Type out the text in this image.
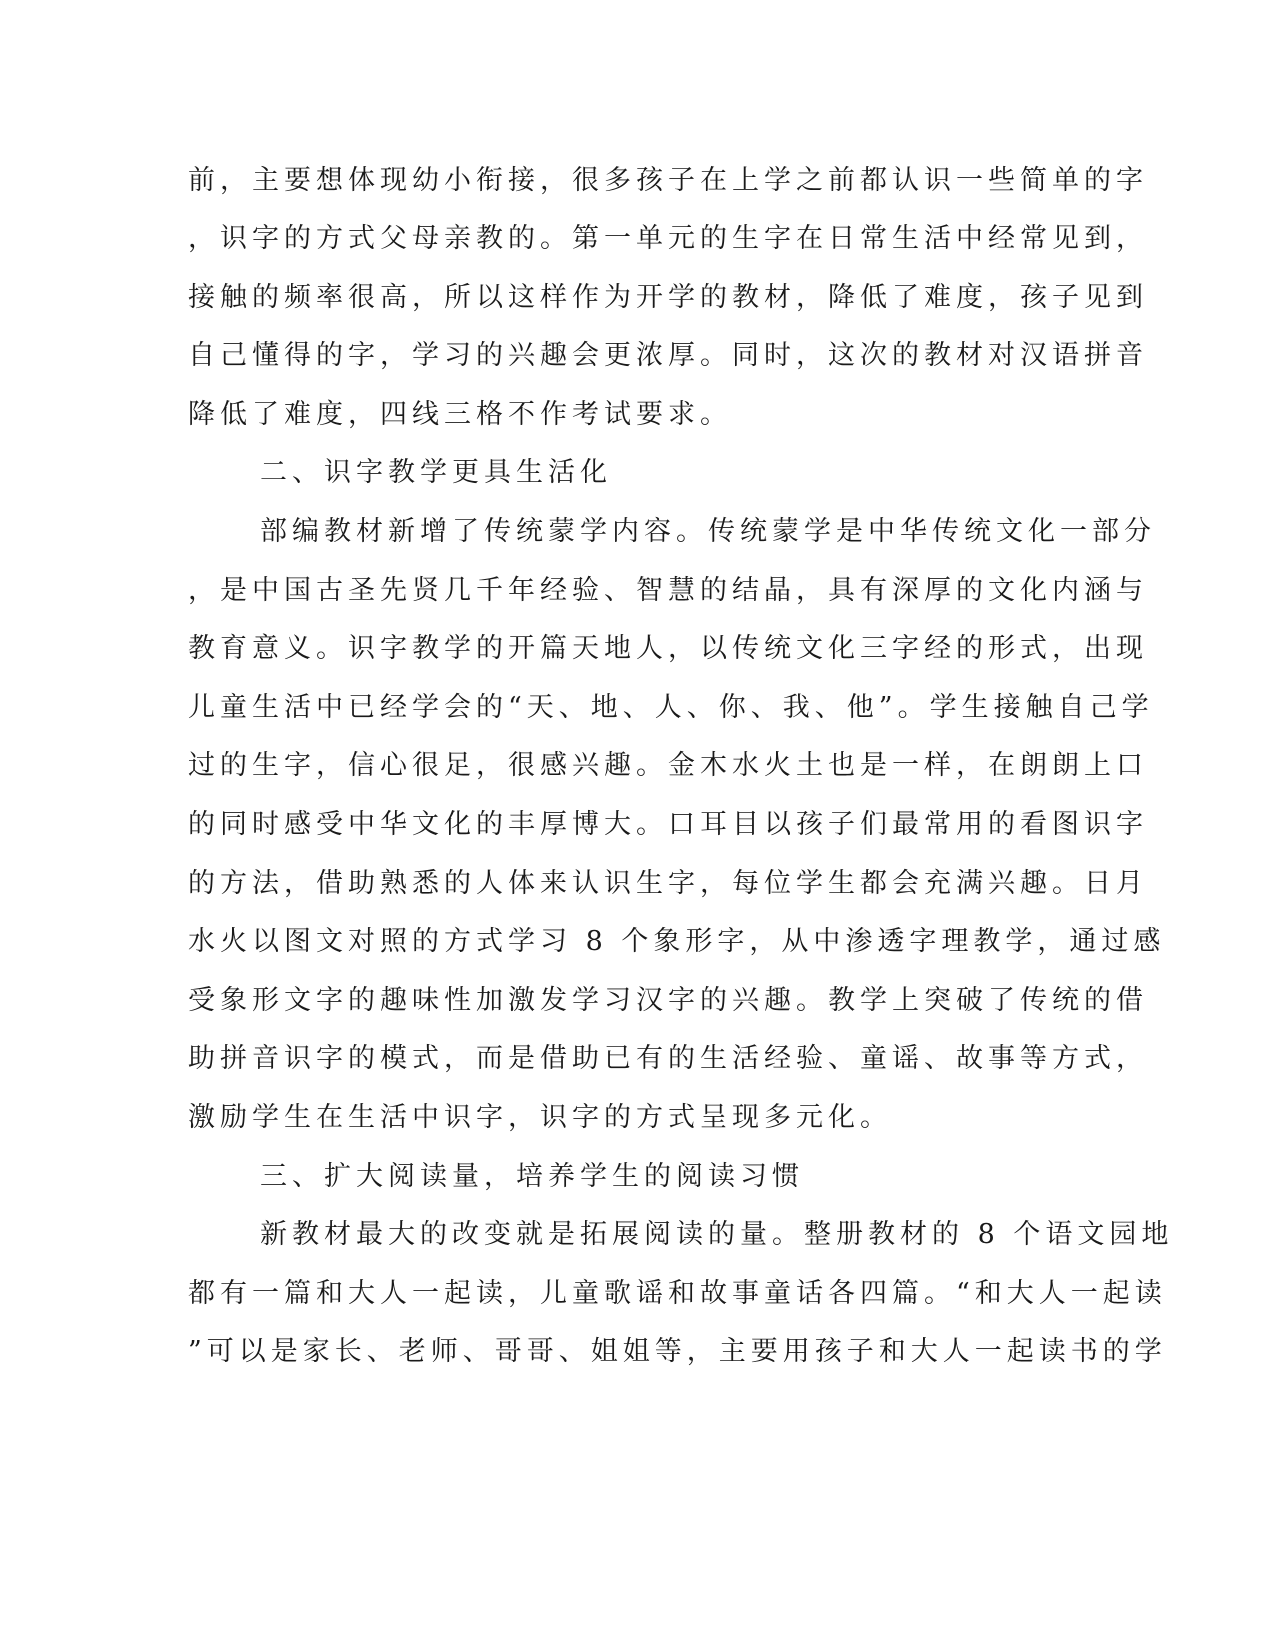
前，主要想体现幼小衔接，很多孩子在上学之前都认识一些简单的字
，识字的方式父母亲教的。第一单元的生字在日常生活中经常见到，
接触的频率很高，所以这样作为开学的教材，降低了难度，孩子见到
自己懂得的字，学习的兴趣会更浓厚。同时，这次的教材对汉语拼音
降低了难度，四线三格不作考试要求。
二、识字教学更具生活化
部编教材新增了传统蒙学内容。传统蒙学是中华传统文化一部分
，是中国古圣先贤几千年经验、智慧的结晶，具有深厚的文化内涵与
教育意义。识字教学的开篇天地人，以传统文化三字经的形式，出现
儿童生活中已经学会的“天、地、人、你、我、他”。学生接触自己学
过的生字，信心很足，很感兴趣。金木水火土也是一样，在朗朗上口
的同时感受中华文化的丰厚博大。口耳目以孩子们最常用的看图识字
的方法，借助熟悉的人体来认识生字，每位学生都会充满兴趣。日月
水火以图文对照的方式学习 8 个象形字，从中渗透字理教学，通过感
受象形文字的趣味性加激发学习汉字的兴趣。教学上突破了传统的借
助拼音识字的模式，而是借助已有的生活经验、童谣、故事等方式，
激励学生在生活中识字，识字的方式呈现多元化。
三、扩大阅读量，培养学生的阅读习惯
新教材最大的改变就是拓展阅读的量。整册教材的 8 个语文园地
都有一篇和大人一起读，儿童歌谣和故事童话各四篇。“和大人一起读
”可以是家长、老师、哥哥、姐姐等，主要用孩子和大人一起读书的学
